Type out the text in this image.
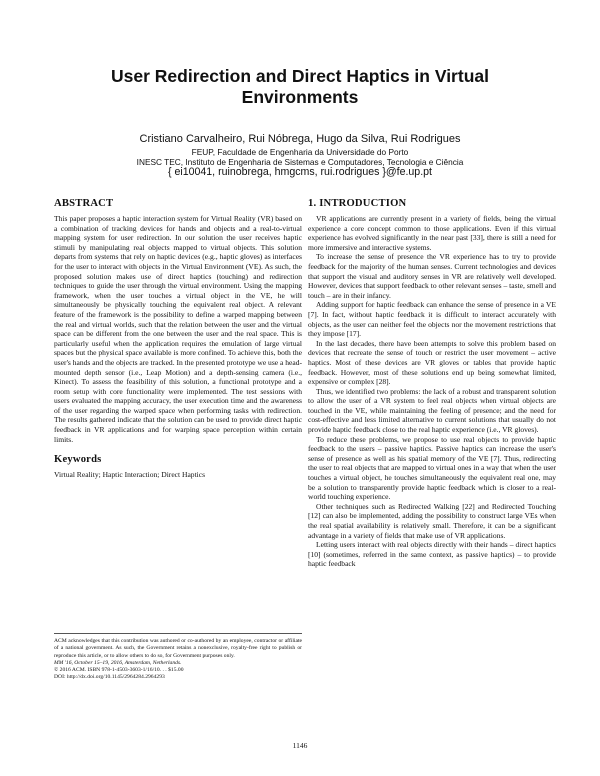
User Redirection and Direct Haptics in Virtual Environments
Cristiano Carvalheiro, Rui Nóbrega, Hugo da Silva, Rui Rodrigues
FEUP, Faculdade de Engenharia da Universidade do Porto
INESC TEC, Instituto de Engenharia de Sistemas e Computadores, Tecnologia e Ciência
{ ei10041, ruinobrega, hmgcms, rui.rodrigues }@fe.up.pt
ABSTRACT

This paper proposes a haptic interaction system for Virtual Reality (VR) based on a combination of tracking devices for hands and objects and a real-to-virtual mapping system for user redirection. In our solution the user receives haptic stimuli by manipulating real objects mapped to virtual objects. This solution departs from systems that rely on haptic devices (e.g., haptic gloves) as interfaces for the user to interact with objects in the Virtual Environment (VE). As such, the proposed solution makes use of direct haptics (touching) and redirection techniques to guide the user through the virtual environment. Using the mapping framework, when the user touches a virtual object in the VE, he will simultaneously be physically touching the equivalent real object. A relevant feature of the framework is the possibility to define a warped mapping between the real and virtual worlds, such that the relation between the user and the virtual space can be different from the one between the user and the real space. This is particularly useful when the application requires the emulation of large virtual spaces but the physical space available is more confined. To achieve this, both the user's hands and the objects are tracked. In the presented prototype we use a head-mounted depth sensor (i.e., Leap Motion) and a depth-sensing camera (i.e., Kinect). To assess the feasibility of this solution, a functional prototype and a room setup with core functionality were implemented. The test sessions with users evaluated the mapping accuracy, the user execution time and the awareness of the user regarding the warped space when performing tasks with redirection. The results gathered indicate that the solution can be used to provide direct haptic feedback in VR applications and for warping space perception within certain limits.

Keywords

Virtual Reality; Haptic Interaction; Direct Haptics

ACM acknowledges that this contribution was authored or co-authored by an employee, contractor or affiliate of a national government. As such, the Government retains a nonexclusive, royalty-free right to publish or reproduce this article, or to allow others to do so, for Government purposes only.

MM '16, October 15–19, 2016, Amsterdam, Netherlands.

© 2016 ACM. ISBN 978-1-4503-3603-1/16/10. . . $15.00

DOI: http://dx.doi.org/10.1145/2964284.2964293

1. INTRODUCTION

VR applications are currently present in a variety of fields, being the virtual experience a core concept common to those applications. Even if this virtual experience has evolved significantly in the near past [33], there is still a need for more immersive and interactive systems.

To increase the sense of presence the VR experience has to try to provide feedback for the majority of the human senses. Current technologies and devices that support the visual and auditory senses in VR are relatively well developed. However, devices that support feedback to other relevant senses – taste, smell and touch – are in their infancy.

Adding support for haptic feedback can enhance the sense of presence in a VE [7]. In fact, without haptic feedback it is difficult to interact accurately with objects, as the user can neither feel the objects nor the movement restrictions that they impose [17].

In the last decades, there have been attempts to solve this problem based on devices that recreate the sense of touch or restrict the user movement – active haptics. Most of these devices are VR gloves or tables that provide haptic feedback. However, most of these solutions end up being somewhat limited, expensive or complex [28].

Thus, we identified two problems: the lack of a robust and transparent solution to allow the user of a VR system to feel real objects when virtual objects are touched in the VE, while maintaining the feeling of presence; and the need for cost-effective and less limited alternative to current solutions that usually do not provide haptic feedback close to the real haptic experience (i.e., VR gloves).

To reduce these problems, we propose to use real objects to provide haptic feedback to the users – passive haptics. Passive haptics can increase the user's sense of presence as well as his spatial memory of the VE [7]. Thus, redirecting the user to real objects that are mapped to virtual ones in a way that when the user touches a virtual object, he touches simultaneously the equivalent real one, may be a solution to transparently provide haptic feedback which is closer to a real-world touching experience.

Other techniques such as Redirected Walking [22] and Redirected Touching [12] can also be implemented, adding the possibility to construct large VEs when the real spatial availability is relatively small. Therefore, it can be a significant advantage in a variety of fields that make use of VR applications.

Letting users interact with real objects directly with their hands – direct haptics [10] (sometimes, referred in the same context, as passive haptics) – to provide haptic feedback

1146
